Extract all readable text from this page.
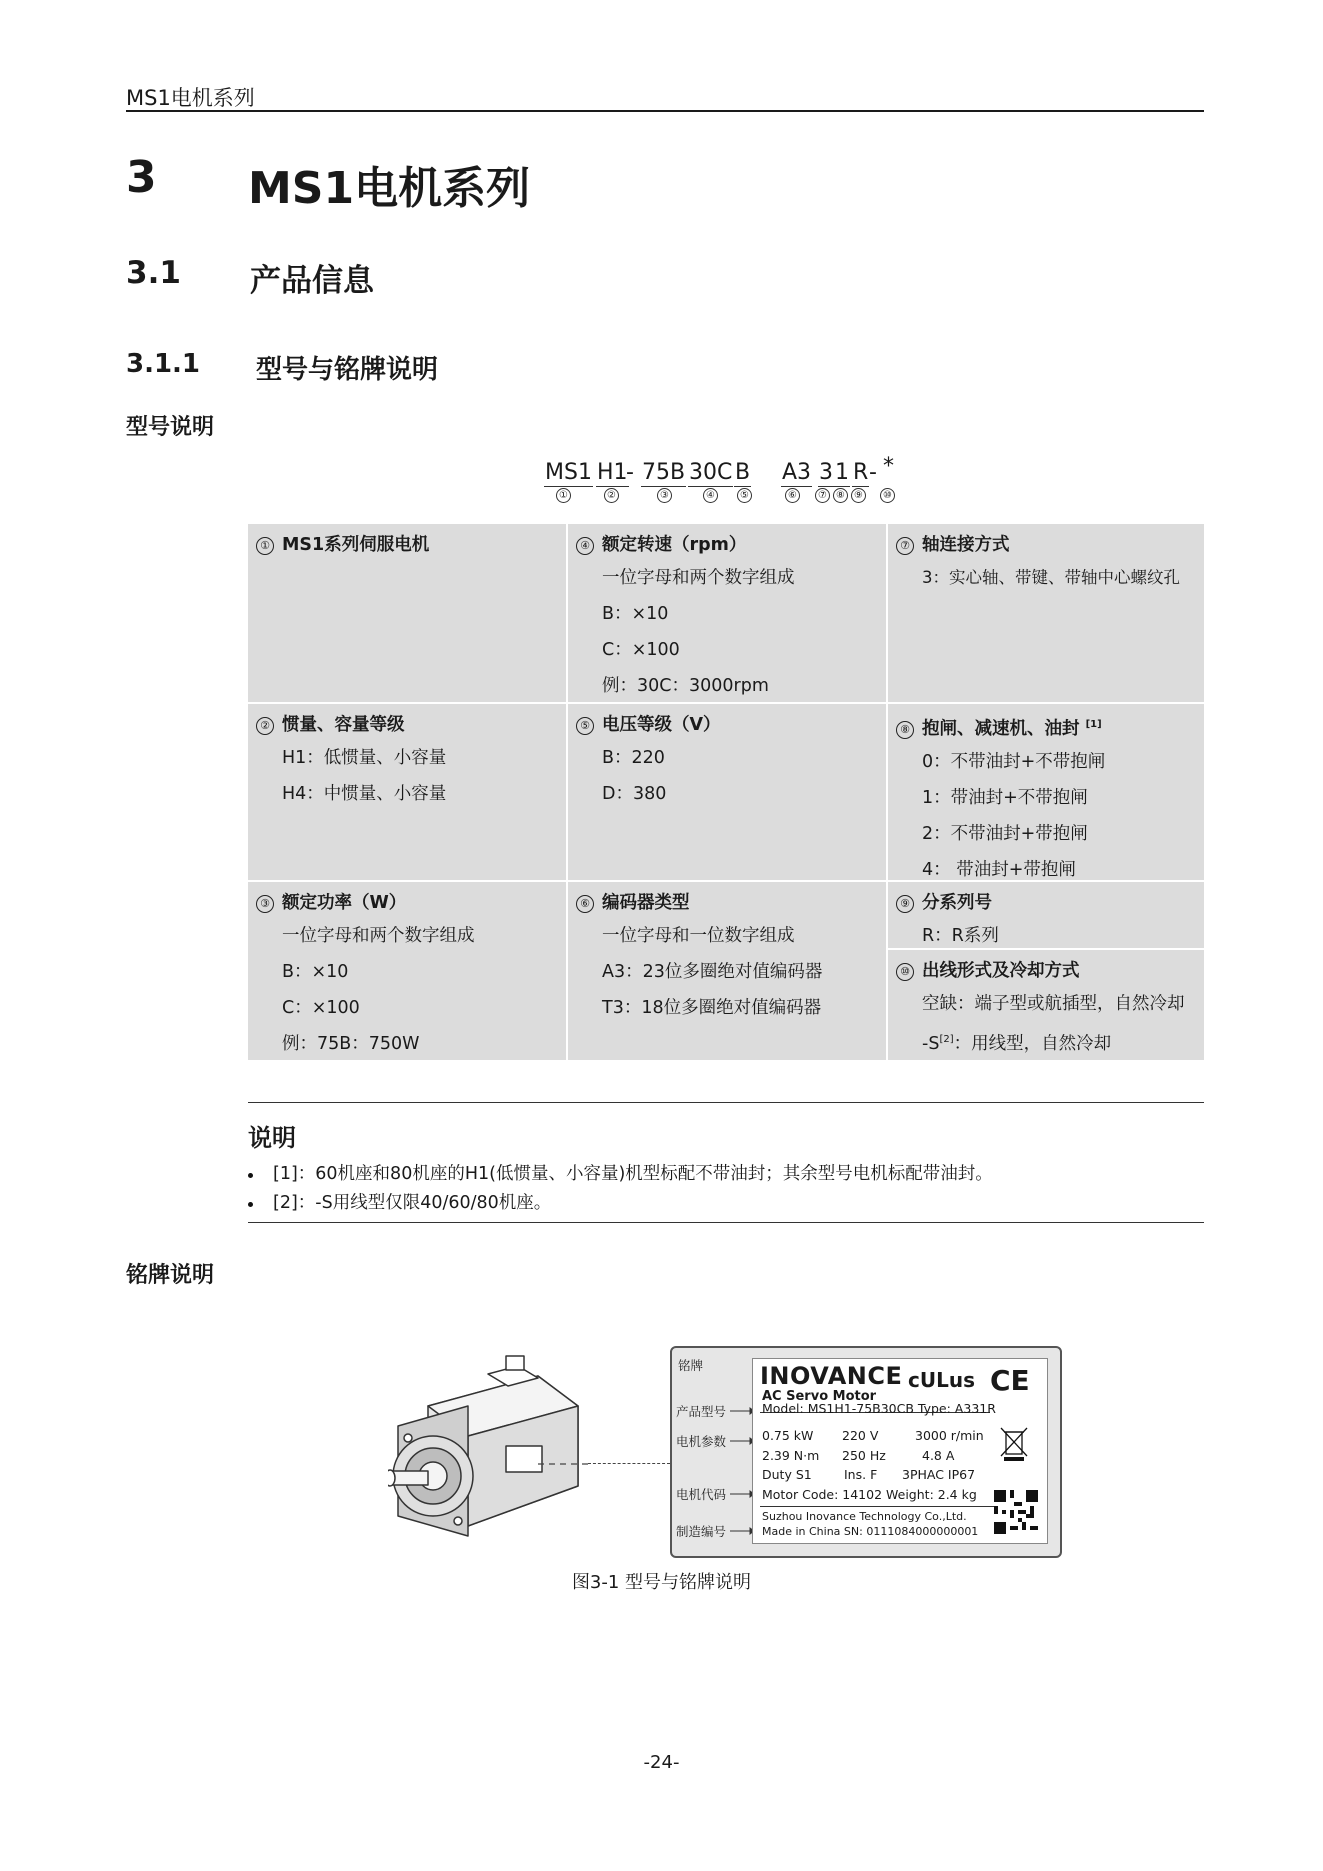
MS1电机系列
3 MS1电机系列
3.1 产品信息
3.1.1 型号与铭牌说明
型号说明
MS1 H1
- 75B 30C B A3 3 1 R - *
①	②	③	④	⑤	⑥	⑦ ⑧ ⑨	⑩
① MS1系列伺服电机
② 惯量、容量等级
H1：低惯量、小容量
H4：中惯量、小容量
③ 额定功率（W）
一位字母和两个数字组成
B：×10
C：×100
例：75B：750W
④ 额定转速（rpm）
一位字母和两个数字组成
B：×10
C：×100
例：30C：3000rpm
⑤ 电压等级（V）
B：220
D：380
⑥ 编码器类型
一位字母和一位数字组成
A3：23位多圈绝对值编码器
T3：18位多圈绝对值编码器
⑦ 轴连接方式
3：实心轴、带键、带轴中心螺纹孔
⑧ 抱闸、减速机、油封 [1]
0：不带油封+不带抱闸
1：带油封+不带抱闸
2：不带油封+带抱闸
4： 带油封+带抱闸
⑨ 分系列号
R：R系列
⑩ 出线形式及冷却方式
空缺：端子型或航插型，自然冷却
-S[2]：用线型，自然冷却
说明
[1]：60机座和80机座的H1(低惯量、小容量)机型标配不带油封；其余型号电机标配带油封。
[2]：-S用线型仅限40/60/80机座。
铭牌说明
铭牌
产品型号
电机参数
电机代码
制造编号
INOVANCE
AC Servo Motor
cULus CE
Model: MS1H1-75B30CB Type: A331R
0.75 kW 220 V	3000 r/min
2.39 N·m 250 Hz	4.8 A
Duty S1	Ins. F 3PHAC IP67
Motor Code: 14102 Weight: 2.4 kg
Suzhou Inovance Technology Co.,Ltd.
Made in China SN: 0111084000000001
图3-1 型号与铭牌说明
-24-
